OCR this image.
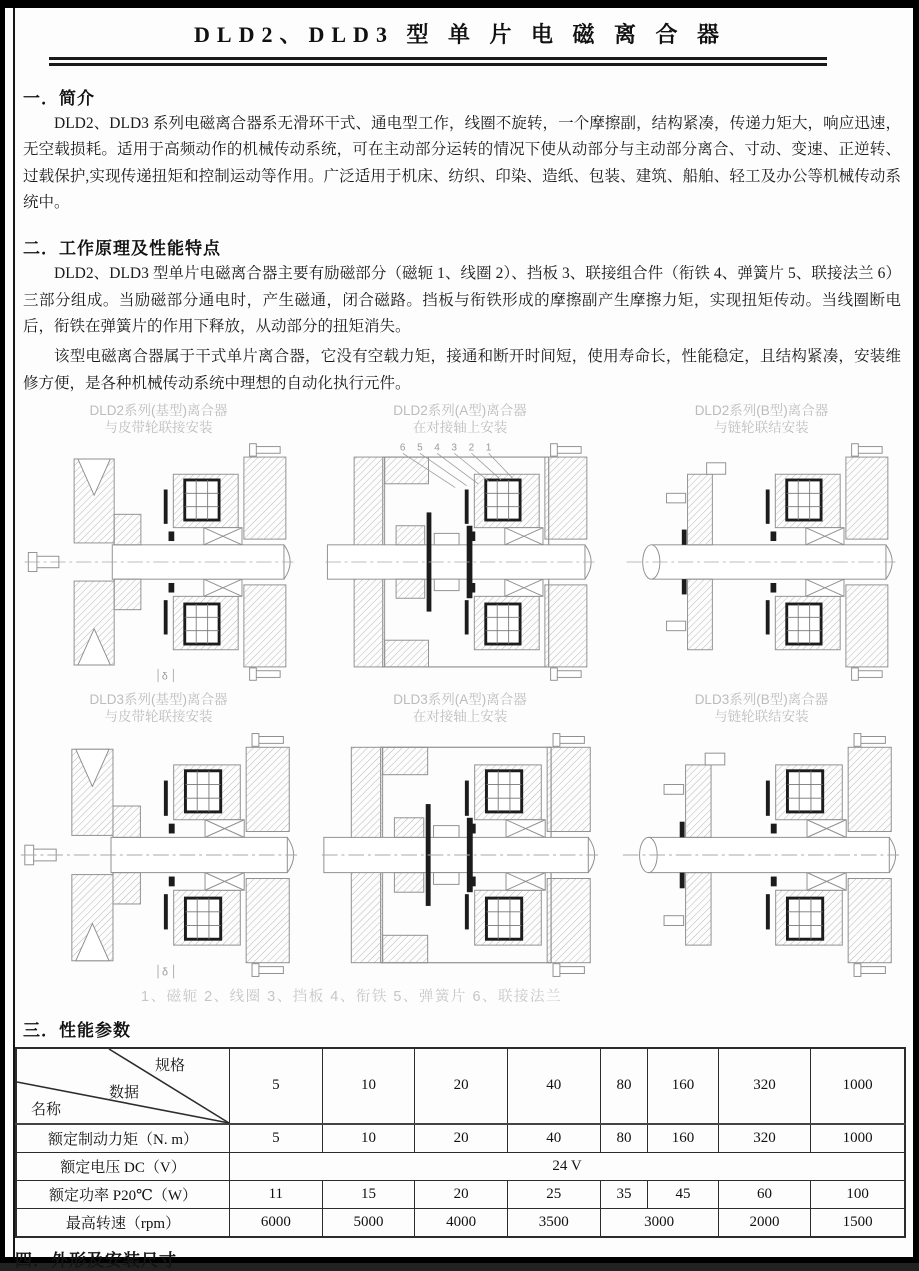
DLD2、DLD3 型 单 片 电 磁 离 合 器
一．简介
DLD2、DLD3 系列电磁离合器系无滑环干式、通电型工作，线圈不旋转，一个摩擦副，结构紧凑，传递力矩大，响应迅速，无空载损耗。适用于高频动作的机械传动系统，可在主动部分运转的情况下使从动部分与主动部分离合、寸动、变速、正逆转、过载保护,实现传递扭矩和控制运动等作用。广泛适用于机床、纺织、印染、造纸、包装、建筑、船舶、轻工及办公等机械传动系统中。
二．工作原理及性能特点
DLD2、DLD3 型单片电磁离合器主要有励磁部分（磁轭 1、线圈 2）、挡板 3、联接组合件（衔铁 4、弹簧片 5、联接法兰 6）三部分组成。当励磁部分通电时，产生磁通，闭合磁路。挡板与衔铁形成的摩擦副产生摩擦力矩，实现扭矩传动。当线圈断电后，衔铁在弹簧片的作用下释放，从动部分的扭矩消失。
该型电磁离合器属于干式单片离合器，它没有空载力矩，接通和断开时间短，使用寿命长，性能稳定，且结构紧凑，安装维修方便，是各种机械传动系统中理想的自动化执行元件。
DLD2系列(基型)离合器
与皮带轮联接安装
δ
DLD2系列(A型)离合器
在对接轴上安装
6 5 4 3 2 1
DLD2系列(B型)离合器
与链轮联结安装
DLD3系列(基型)离合器
与皮带轮联接安装
δ
DLD3系列(A型)离合器
在对接轴上安装
DLD3系列(B型)离合器
与链轮联结安装
1、磁轭 2、线圈 3、挡板 4、衔铁 5、弹簧片 6、联接法兰
三．性能参数
规格
数据
名称	5	10	20	40	80	160	320	1000
额定制动力矩（N. m）	5	10	20	40	80	160	320	1000
额定电压 DC（V）	24 V							
额定功率 P20℃（W）	11	15	20	25	35	45	60	100
最高转速（rpm）	6000	5000	4000	3500	3000		2000	1500
四．外形及安装尺寸
